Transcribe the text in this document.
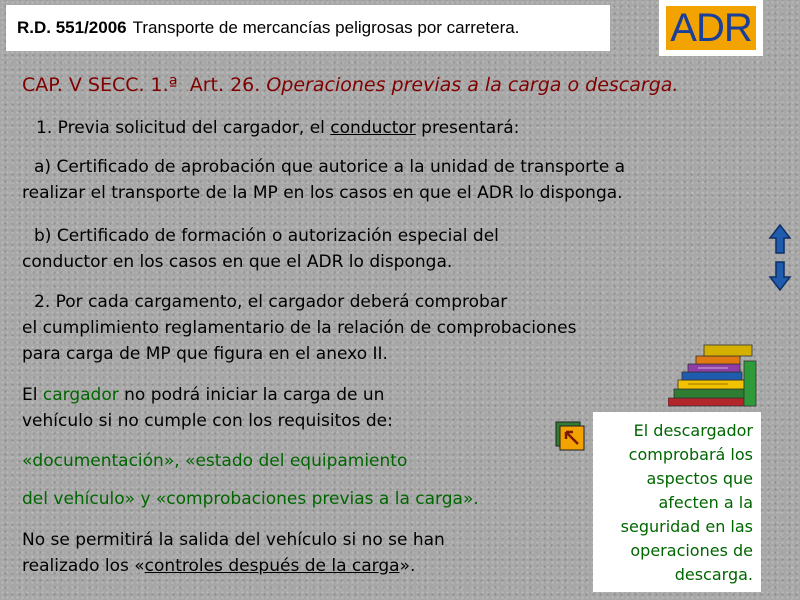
R.D. 551/2006 Transporte de mercancías peligrosas por carretera.	ADR
CAP. V SECC. 1.ª Art. 26. Operaciones previas a la carga o descarga.
1. Previa solicitud del cargador, el conductor presentará:
a) Certificado de aprobación que autorice a la unidad de transporte a
realizar el transporte de la MP en los casos en que el ADR lo disponga.
b) Certificado de formación o autorización especial del
conductor en los casos en que el ADR lo disponga.
2. Por cada cargamento, el cargador deberá comprobar
el cumplimiento reglamentario de la relación de comprobaciones
para carga de MP que figura en el anexo II.
El cargador no podrá iniciar la carga de un
vehículo si no cumple con los requisitos de:
«documentación», «estado del equipamiento
del vehículo» y «comprobaciones previas a la carga».
No se permitirá la salida del vehículo si no se han
realizado los «controles después de la carga».
El descargador
comprobará los
aspectos que
afecten a la
seguridad en las
operaciones de
descarga.
